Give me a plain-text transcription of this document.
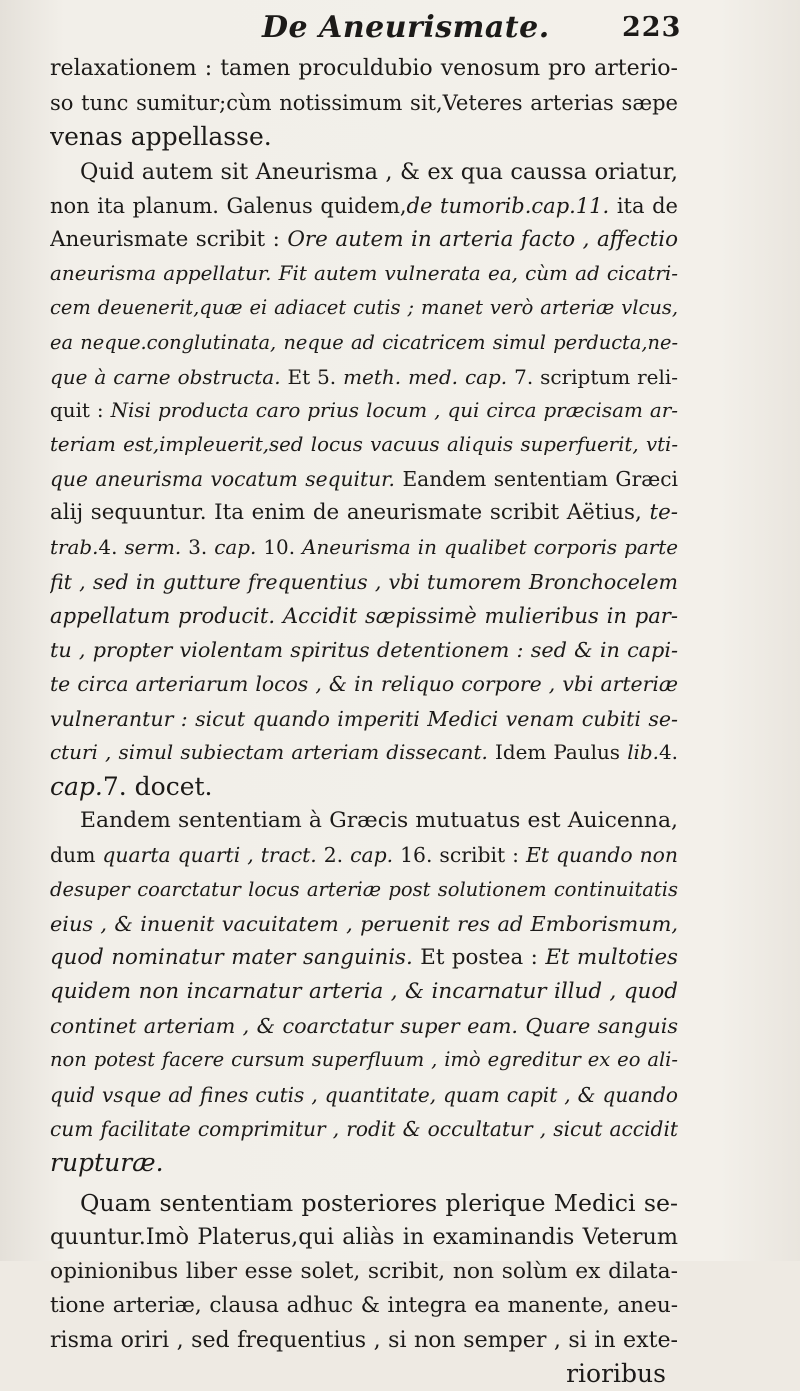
De Aneurismate.	223
relaxationem : tamen proculdubio venosum pro arterio-
so tunc sumitur;cùm notissimum sit,Veteres arterias sæpe
venas appellasse.
Quid autem sit Aneurisma , & ex qua caussa oriatur,
non ita planum. Galenus quidem,de tumorib.cap.11. ita de
Aneurismate scribit : Ore autem in arteria facto , affectio
aneurisma appellatur. Fit autem vulnerata ea, cùm ad cicatri-
cem deuenerit,quæ ei adiacet cutis ; manet verò arteriæ vlcus,
ea neque.conglutinata, neque ad cicatricem simul perducta,ne-
que à carne obstructa. Et 5. meth. med. cap. 7. scriptum reli-
quit : Nisi producta caro prius locum , qui circa præcisam ar-
teriam est,impleuerit,sed locus vacuus aliquis superfuerit, vti-
que aneurisma vocatum sequitur. Eandem sententiam Græci
alij sequuntur. Ita enim de aneurismate scribit Aëtius, te-
trab.4. serm. 3. cap. 10. Aneurisma in qualibet corporis parte
fit , sed in gutture frequentius , vbi tumorem Bronchocelem
appellatum producit. Accidit sæpissimè mulieribus in par-
tu , propter violentam spiritus detentionem : sed & in capi-
te circa arteriarum locos , & in reliquo corpore , vbi arteriæ
vulnerantur : sicut quando imperiti Medici venam cubiti se-
cturi , simul subiectam arteriam dissecant. Idem Paulus lib.4.
cap.7. docet.
Eandem sententiam à Græcis mutuatus est Auicenna,
dum quarta quarti , tract. 2. cap. 16. scribit : Et quando non
desuper coarctatur locus arteriæ post solutionem continuitatis
eius , & inuenit vacuitatem , peruenit res ad Emborismum,
quod nominatur mater sanguinis. Et postea : Et multoties
quidem non incarnatur arteria , & incarnatur illud , quod
continet arteriam , & coarctatur super eam. Quare sanguis
non potest facere cursum superfluum , imò egreditur ex eo ali-
quid vsque ad fines cutis , quantitate, quam capit , & quando
cum facilitate comprimitur , rodit & occultatur , sicut accidit
rupturæ.
Quam sententiam posteriores plerique Medici se-
quuntur.Imò Platerus,qui aliàs in examinandis Veterum
opinionibus liber esse solet, scribit, non solùm ex dilata-
tione arteriæ, clausa adhuc & integra ea manente, aneu-
risma oriri , sed frequentius , si non semper , si in exte-
rioribus
